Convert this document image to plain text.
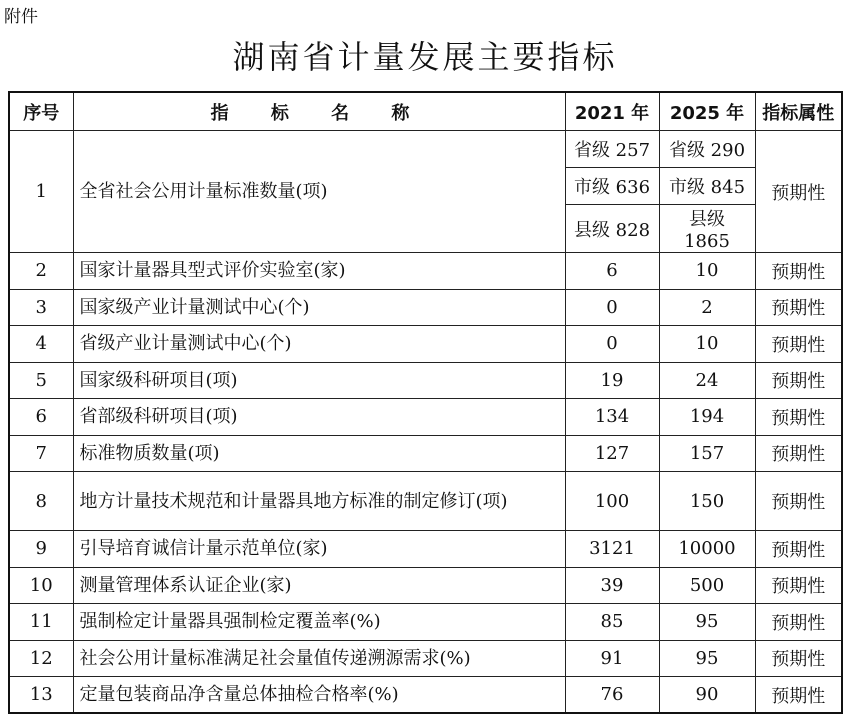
附件
湖南省计量发展主要指标
序号	指 标 名 称	2021 年	2025 年	指标属性
1	全省社会公用计量标准数量(项)	省级 257	省级 290	预期性
		市级 636	市级 845	
		县级 828	县级 1865	
2	国家计量器具型式评价实验室(家)	6	10	预期性
3	国家级产业计量测试中心(个)	0	2	预期性
4	省级产业计量测试中心(个)	0	10	预期性
5	国家级科研项目(项)	19	24	预期性
6	省部级科研项目(项)	134	194	预期性
7	标准物质数量(项)	127	157	预期性
8	地方计量技术规范和计量器具地方标准的制定修订(项)	100	150	预期性
9	引导培育诚信计量示范单位(家)	3121	10000	预期性
10	测量管理体系认证企业(家)	39	500	预期性
11	强制检定计量器具强制检定覆盖率(%)	85	95	预期性
12	社会公用计量标准满足社会量值传递溯源需求(%)	91	95	预期性
13	定量包装商品净含量总体抽检合格率(%)	76	90	预期性
